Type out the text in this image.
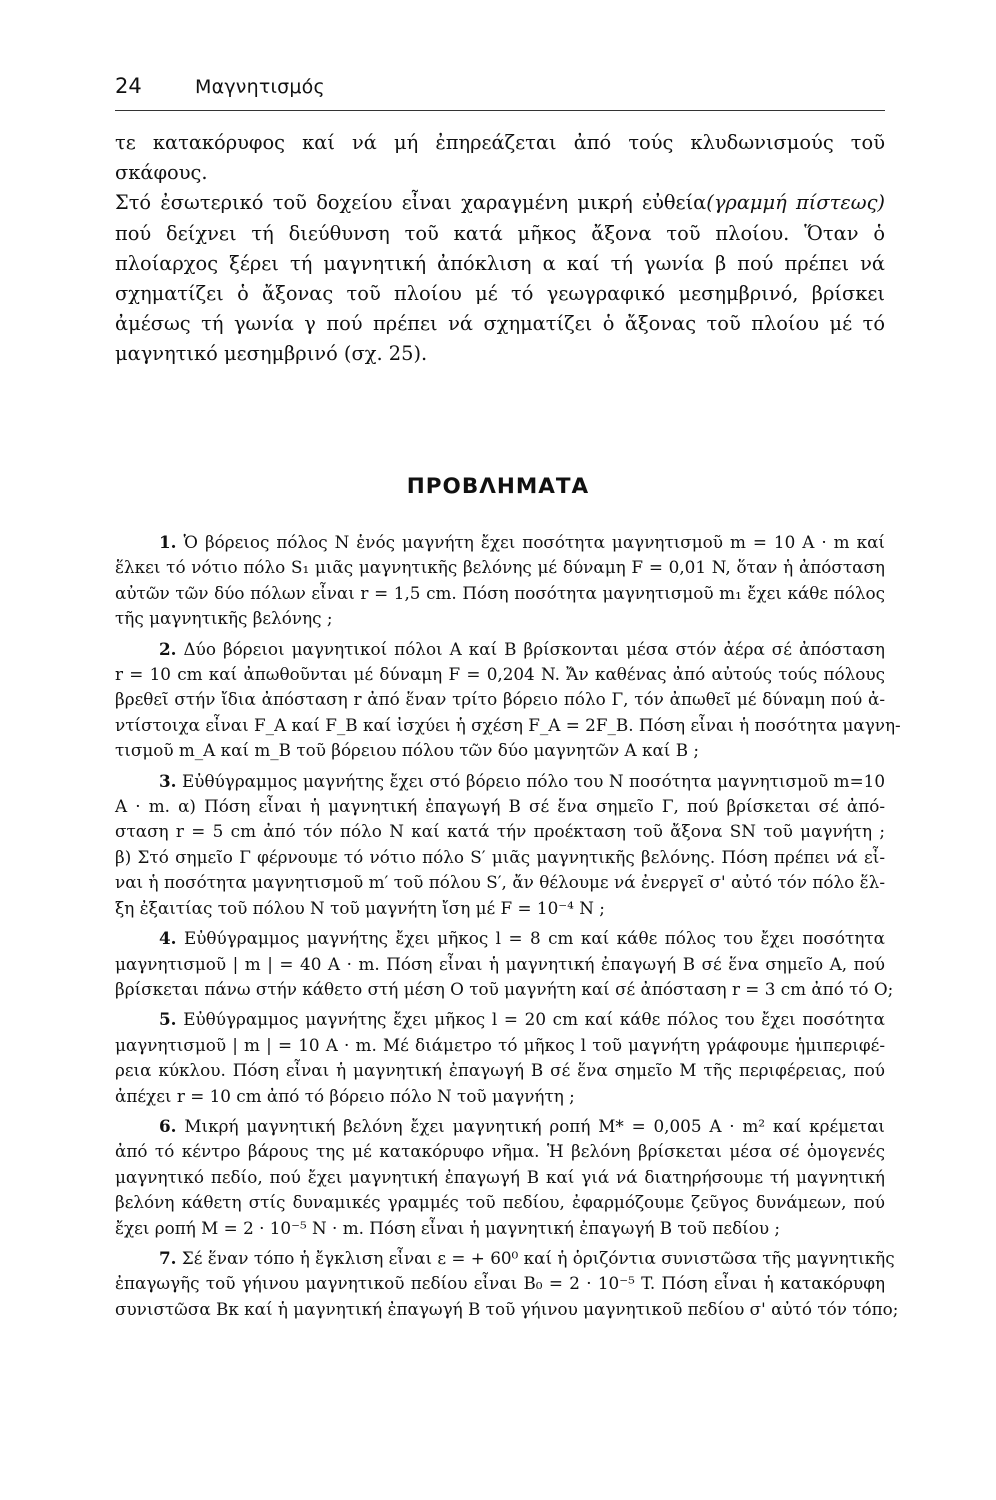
24	Μαγνητισμός
τε κατακόρυφος καί νά μή ἐπηρεάζεται ἀπό τούς κλυδωνισμούς τοῦ σκάφους.
Στό ἐσωτερικό τοῦ δοχείου εἶναι χαραγμένη μικρή εὐθεία(γραμμή πίστεως)
πού δείχνει τή διεύθυνση τοῦ κατά μῆκος ἄξονα τοῦ πλοίου. Ὅταν ὁ
πλοίαρχος ξέρει τή μαγνητική ἀπόκλιση α καί τή γωνία β πού πρέπει νά
σχηματίζει ὁ ἄξονας τοῦ πλοίου μέ τό γεωγραφικό μεσημβρινό, βρίσκει
ἀμέσως τή γωνία γ πού πρέπει νά σχηματίζει ὁ ἄξονας τοῦ πλοίου μέ τό
μαγνητικό μεσημβρινό (σχ. 25).
ΠΡΟΒΛΗΜΑΤΑ
1. Ὁ βόρειος πόλος N ἑνός μαγνήτη ἔχει ποσότητα μαγνητισμοῦ m = 10 A · m καί
ἕλκει τό νότιο πόλο S₁ μιᾶς μαγνητικῆς βελόνης μέ δύναμη F = 0,01 N, ὅταν ἡ ἀπόσταση
αὐτῶν τῶν δύο πόλων εἶναι r = 1,5 cm. Πόση ποσότητα μαγνητισμοῦ m₁ ἔχει κάθε πόλος
τῆς μαγνητικῆς βελόνης ;
2. Δύο βόρειοι μαγνητικοί πόλοι A καί B βρίσκονται μέσα στόν ἀέρα σέ ἀπόσταση
r = 10 cm καί ἀπωθοῦνται μέ δύναμη F = 0,204 N. Ἄν καθένας ἀπό αὐτούς τούς πόλους
βρεθεῖ στήν ἴδια ἀπόσταση r ἀπό ἕναν τρίτο βόρειο πόλο Γ, τόν ἀπωθεῖ μέ δύναμη πού ἀ-
ντίστοιχα εἶναι F_A καί F_B καί ἰσχύει ἡ σχέση F_A = 2F_B. Πόση εἶναι ἡ ποσότητα μαγνη-
τισμοῦ m_A καί m_B τοῦ βόρειου πόλου τῶν δύο μαγνητῶν A καί B ;
3. Εὐθύγραμμος μαγνήτης ἔχει στό βόρειο πόλο του N ποσότητα μαγνητισμοῦ m=10
A · m. α) Πόση εἶναι ἡ μαγνητική ἐπαγωγή B σέ ἕνα σημεῖο Γ, πού βρίσκεται σέ ἀπό-
σταση r = 5 cm ἀπό τόν πόλο N καί κατά τήν προέκταση τοῦ ἄξονα SN τοῦ μαγνήτη ;
β) Στό σημεῖο Γ φέρνουμε τό νότιο πόλο S′ μιᾶς μαγνητικῆς βελόνης. Πόση πρέπει νά εἶ-
ναι ἡ ποσότητα μαγνητισμοῦ m′ τοῦ πόλου S′, ἄν θέλουμε νά ἐνεργεῖ σ' αὐτό τόν πόλο ἕλ-
ξη ἐξαιτίας τοῦ πόλου N τοῦ μαγνήτη ἴση μέ F = 10⁻⁴ N ;
4. Εὐθύγραμμος μαγνήτης ἔχει μῆκος l = 8 cm καί κάθε πόλος του ἔχει ποσότητα
μαγνητισμοῦ | m | = 40 A · m. Πόση εἶναι ἡ μαγνητική ἐπαγωγή B σέ ἕνα σημεῖο A, πού
βρίσκεται πάνω στήν κάθετο στή μέση O τοῦ μαγνήτη καί σέ ἀπόσταση r = 3 cm ἀπό τό O;
5. Εὐθύγραμμος μαγνήτης ἔχει μῆκος l = 20 cm καί κάθε πόλος του ἔχει ποσότητα
μαγνητισμοῦ | m | = 10 A · m. Μέ διάμετρο τό μῆκος l τοῦ μαγνήτη γράφουμε ἡμιπεριφέ-
ρεια κύκλου. Πόση εἶναι ἡ μαγνητική ἐπαγωγή B σέ ἕνα σημεῖο M τῆς περιφέρειας, πού
ἀπέχει r = 10 cm ἀπό τό βόρειο πόλο N τοῦ μαγνήτη ;
6. Μικρή μαγνητική βελόνη ἔχει μαγνητική ροπή M* = 0,005 A · m² καί κρέμεται
ἀπό τό κέντρο βάρους της μέ κατακόρυφο νῆμα. Ἡ βελόνη βρίσκεται μέσα σέ ὁμογενές
μαγνητικό πεδίο, πού ἔχει μαγνητική ἐπαγωγή B καί γιά νά διατηρήσουμε τή μαγνητική
βελόνη κάθετη στίς δυναμικές γραμμές τοῦ πεδίου, ἐφαρμόζουμε ζεῦγος δυνάμεων, πού
ἔχει ροπή M = 2 · 10⁻⁵ N · m. Πόση εἶναι ἡ μαγνητική ἐπαγωγή B τοῦ πεδίου ;
7. Σέ ἕναν τόπο ἡ ἔγκλιση εἶναι ε = + 60⁰ καί ἡ ὁριζόντια συνιστῶσα τῆς μαγνητικῆς
ἐπαγωγῆς τοῦ γήινου μαγνητικοῦ πεδίου εἶναι B₀ = 2 · 10⁻⁵ T. Πόση εἶναι ἡ κατακόρυφη
συνιστῶσα Bκ καί ἡ μαγνητική ἐπαγωγή B τοῦ γήινου μαγνητικοῦ πεδίου σ' αὐτό τόν τόπο;
